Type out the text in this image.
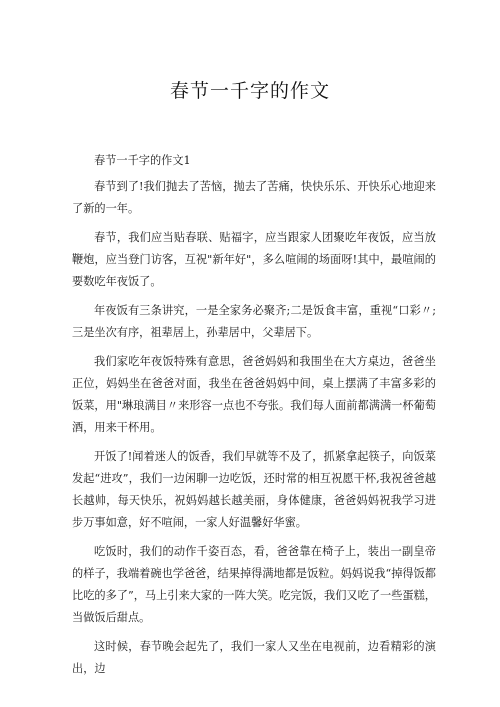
春节一千字的作文

春节一千字的作文1

春节到了!我们抛去了苦恼，抛去了苦痛，快快乐乐、开快乐心地迎来了新的一年。

春节，我们应当贴春联、贴福字，应当跟家人团聚吃年夜饭，应当放鞭炮，应当登门访客，互祝"新年好"，多么喧闹的场面呀!其中，最喧闹的要数吃年夜饭了。

年夜饭有三条讲究，一是全家务必聚齐;二是饭食丰富，重视“口彩〃;三是坐次有序，祖辈居上，孙辈居中，父辈居下。

我们家吃年夜饭特殊有意思，爸爸妈妈和我围坐在大方桌边，爸爸坐正位，妈妈坐在爸爸对面，我坐在爸爸妈妈中间，桌上摆满了丰富多彩的饭菜，用"琳琅满目〃来形容一点也不夸张。我们每人面前都满满一杯葡萄酒，用来干杯用。

开饭了!闻着迷人的饭香，我们早就等不及了，抓紧拿起筷子，向饭菜发起“进攻”，我们一边闲聊一边吃饭，还时常的相互祝愿干杯,我祝爸爸越长越帅，每天快乐，祝妈妈越长越美丽，身体健康，爸爸妈妈祝我学习进步万事如意，好不喧闹，一家人好温馨好华蜜。

吃饭时，我们的动作千姿百态，看，爸爸靠在椅子上，装出一副皇帝的样子，我端着碗也学爸爸，结果掉得满地都是饭粒。妈妈说我“掉得饭都比吃的多了”，马上引来大家的一阵大笑。吃完饭，我们又吃了一些蛋糕，当做饭后甜点。

这时候，春节晚会起先了，我们一家人又坐在电视前，边看精彩的演出，边
